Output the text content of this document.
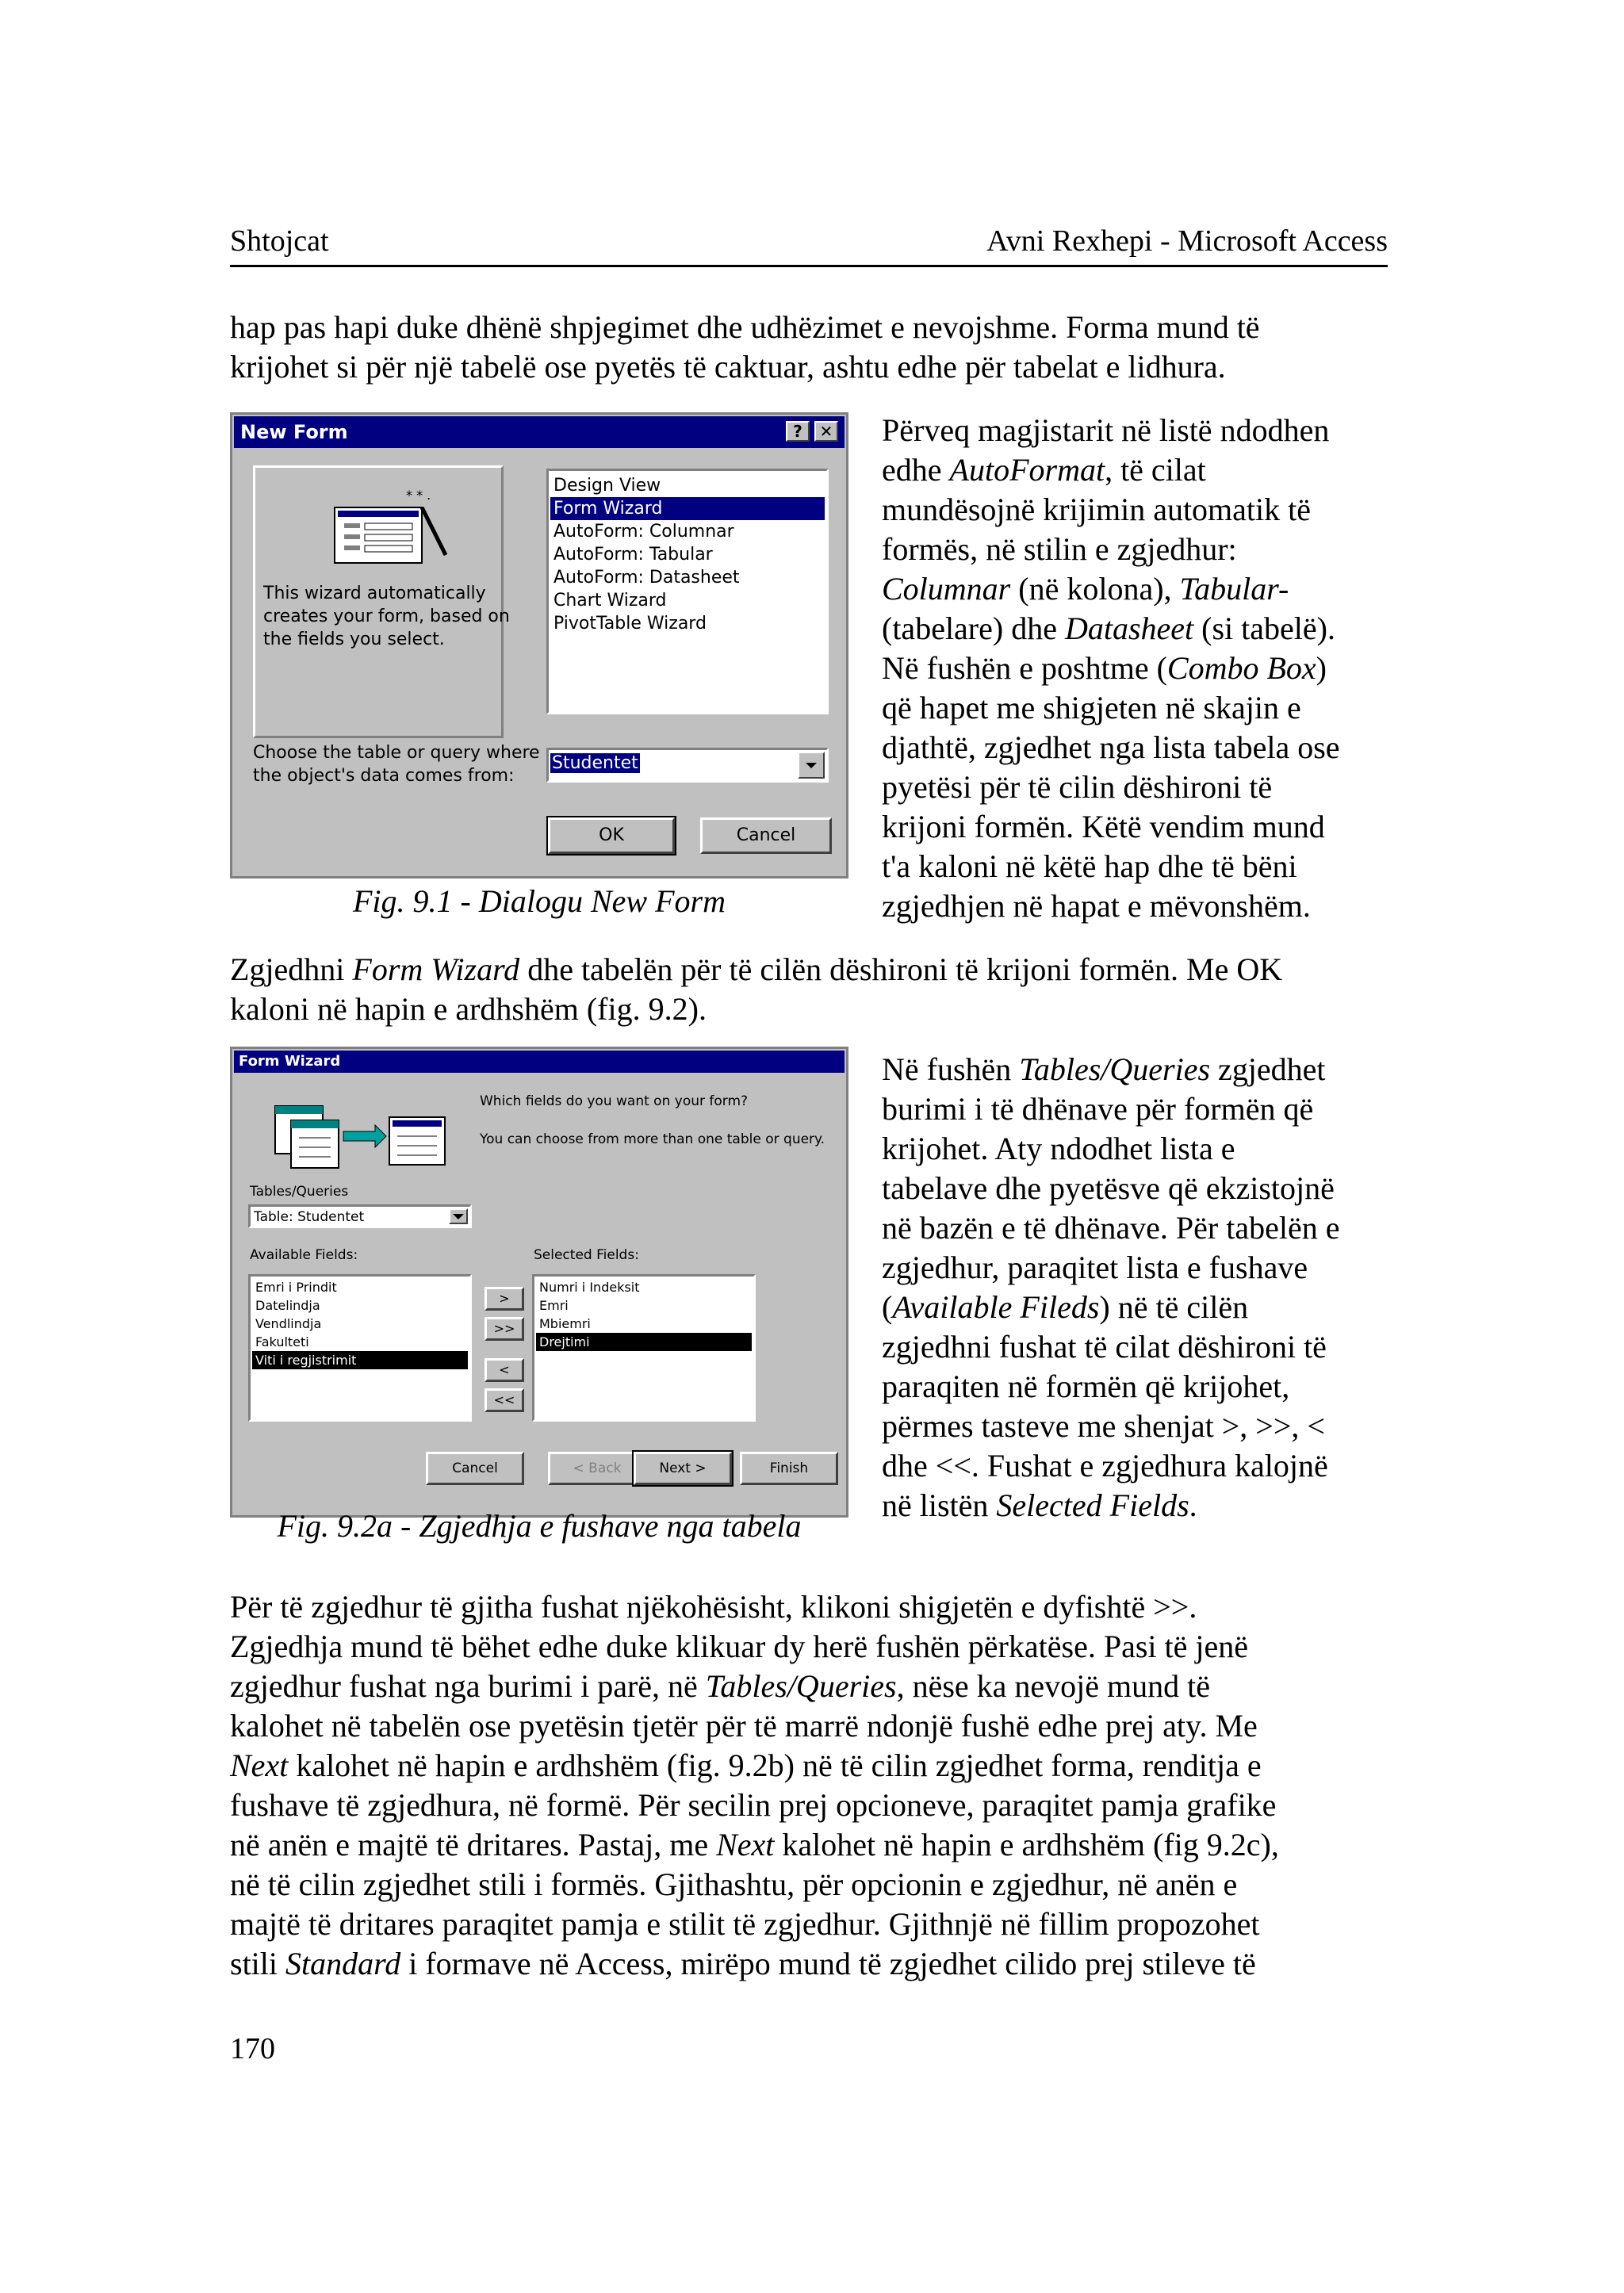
Shtojcat	Avni Rexhepi - Microsoft Access

hap pas hapi duke dhënë shpjegimet dhe udhëzimet e nevojshme. Forma mund të

krijohet si për një tabelë ose pyetës të caktuar, ashtu edhe për tabelat e lidhura.

New Form	?	✕
* * .
This wizard automatically
creates your form, based on
the fields you select.
Design View
Form Wizard
AutoForm: Columnar
AutoForm: Tabular
AutoForm: Datasheet
Chart Wizard
PivotTable Wizard
Choose the table or query where
the object's data comes from:
Studentet
OK	Cancel
Fig. 9.1 - Dialogu New Form

Përveq magjistarit në listë ndodhen

edhe AutoFormat, të cilat

mundësojnë krijimin automatik të

formës, në stilin e zgjedhur:

Columnar (në kolona), Tabular-

(tabelare) dhe Datasheet (si tabelë).

Në fushën e poshtme (Combo Box)

që hapet me shigjeten në skajin e

djathtë, zgjedhet nga lista tabela ose

pyetësi për të cilin dëshironi të

krijoni formën. Këtë vendim mund

t'a kaloni në këtë hap dhe të bëni

zgjedhjen në hapat e mëvonshëm.

Zgjedhni Form Wizard dhe tabelën për të cilën dëshironi të krijoni formën. Me OK

kaloni në hapin e ardhshëm (fig. 9.2).

Form Wizard
Which fields do you want on your form?
You can choose from more than one table or query.
Tables/Queries
Table: Studentet
Available Fields:
Emri i Prindit
Datelindja
Vendlindja
Fakulteti
Viti i regjistrimit
>
>>
<
<<
Selected Fields:
Numri i Indeksit
Emri
Mbiemri
Drejtimi
Cancel	< Back	Next >	Finish
Fig. 9.2a - Zgjedhja e fushave nga tabela

Në fushën Tables/Queries zgjedhet

burimi i të dhënave për formën që

krijohet. Aty ndodhet lista e

tabelave dhe pyetësve që ekzistojnë

në bazën e të dhënave. Për tabelën e

zgjedhur, paraqitet lista e fushave

(Available Fileds) në të cilën

zgjedhni fushat të cilat dëshironi të

paraqiten në formën që krijohet,

përmes tasteve me shenjat >, >>, <

dhe <<. Fushat e zgjedhura kalojnë

në listën Selected Fields.

Për të zgjedhur të gjitha fushat njëkohësisht, klikoni shigjetën e dyfishtë >>.

Zgjedhja mund të bëhet edhe duke klikuar dy herë fushën përkatëse. Pasi të jenë

zgjedhur fushat nga burimi i parë, në Tables/Queries, nëse ka nevojë mund të

kalohet në tabelën ose pyetësin tjetër për të marrë ndonjë fushë edhe prej aty. Me

Next kalohet në hapin e ardhshëm (fig. 9.2b) në të cilin zgjedhet forma, renditja e

fushave të zgjedhura, në formë. Për secilin prej opcioneve, paraqitet pamja grafike

në anën e majtë të dritares. Pastaj, me Next kalohet në hapin e ardhshëm (fig 9.2c),

në të cilin zgjedhet stili i formës. Gjithashtu, për opcionin e zgjedhur, në anën e

majtë të dritares paraqitet pamja e stilit të zgjedhur. Gjithnjë në fillim propozohet

stili Standard i formave në Access, mirëpo mund të zgjedhet cilido prej stileve të

170
